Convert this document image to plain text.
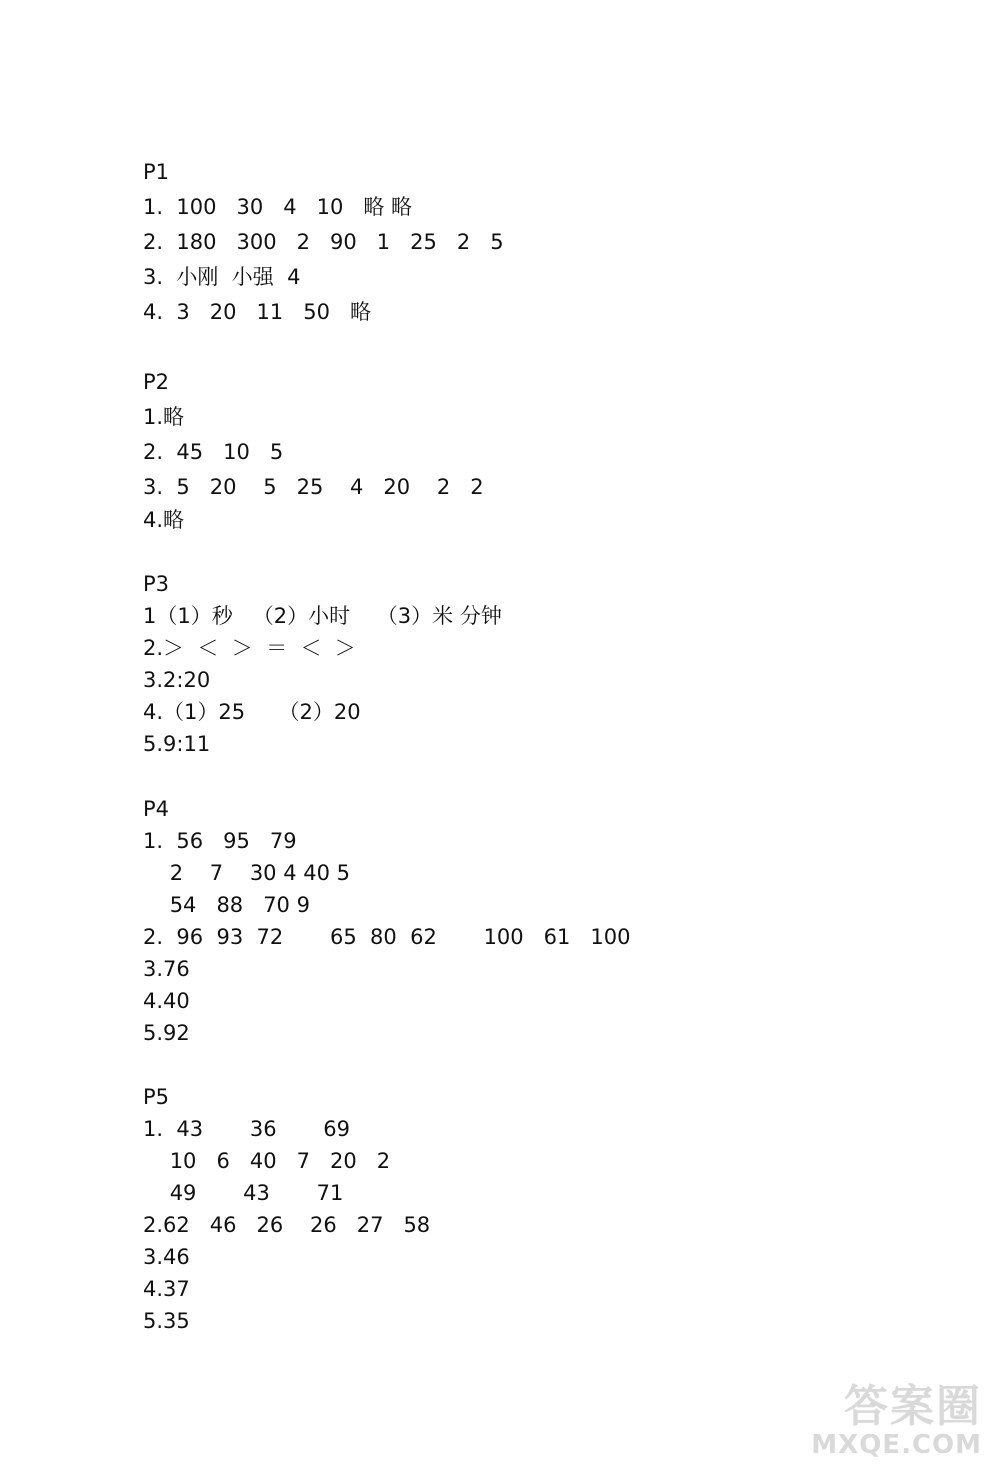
P1
1.  100   30   4   10   略 略
2.  180   300   2   90   1   25   2   5
3.  小刚  小强  4
4.  3   20   11   50   略
P2
1.略
2.  45   10   5
3.  5   20    5   25    4   20    2   2
4.略
P3
1（1）秒   （2）小时    （3）米 分钟
2.＞  ＜  ＞  ＝  ＜  ＞
3.2:20
4.（1）25     （2）20
5.9:11
P4
1.  56   95   79
2    7    30 4 40 5
54   88   70 9
2.  96  93  72       65  80  62       100   61   100
3.76
4.40
5.92
P5
1.  43       36       69
10   6   40   7   20   2
49       43       71
2.62   46   26    26   27   58
3.46
4.37
5.35
答案圈
MXQE.COM
